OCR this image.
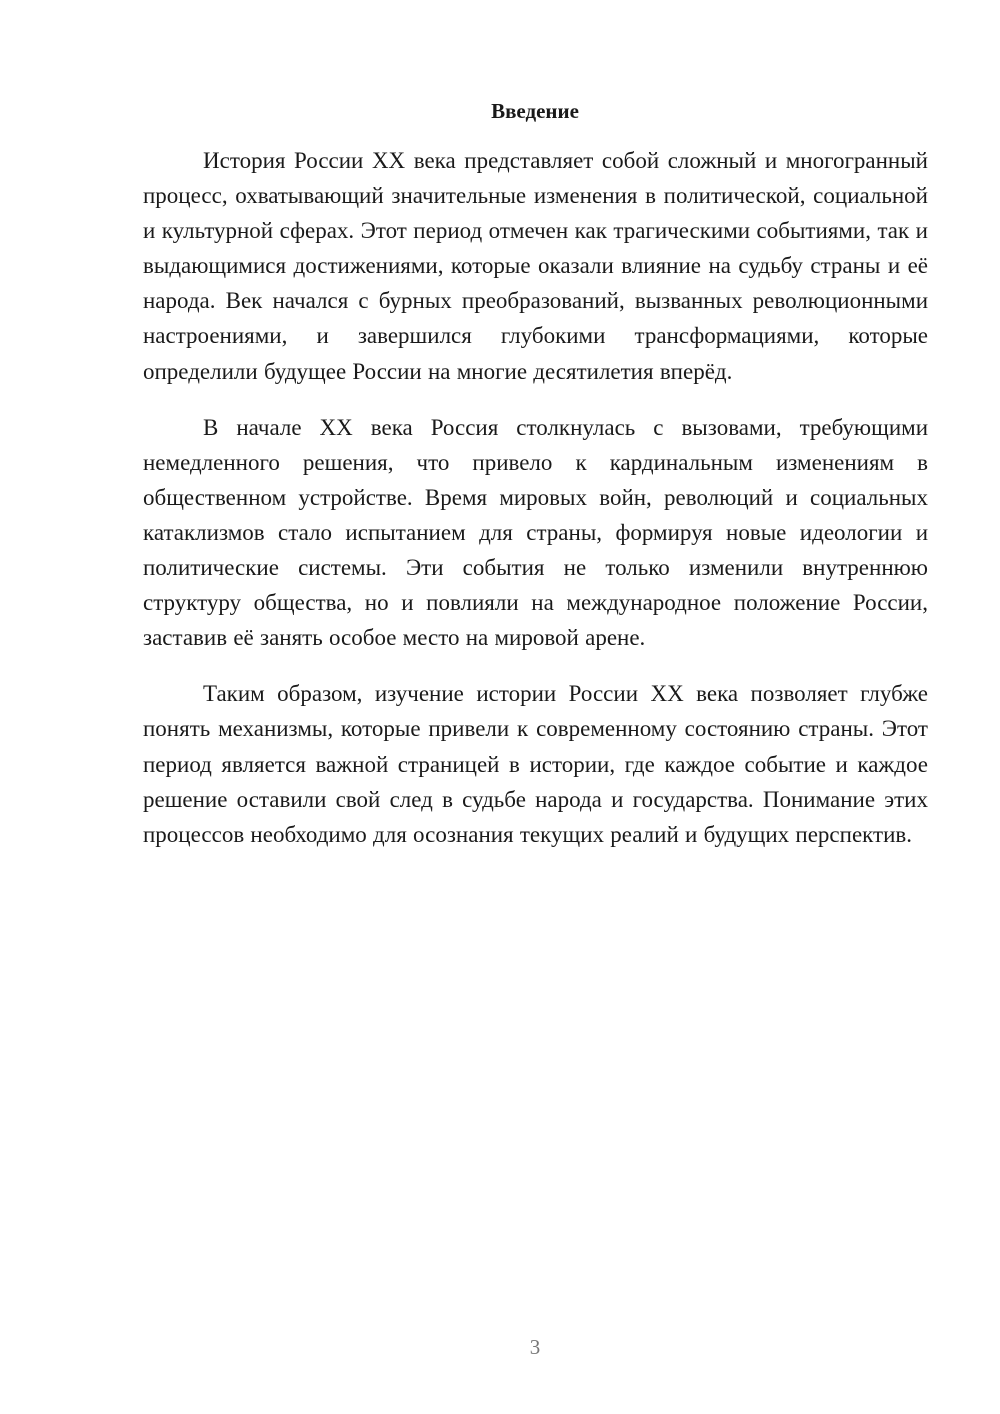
Введение

История России XX века представляет собой сложный и многогранный процесс, охватывающий значительные изменения в политической, социальной и культурной сферах. Этот период отмечен как трагическими событиями, так и выдающимися достижениями, которые оказали влияние на судьбу страны и её народа. Век начался с бурных преобразований, вызванных революционными настроениями, и завершился глубокими трансформациями, которые определили будущее России на многие десятилетия вперёд.

В начале XX века Россия столкнулась с вызовами, требующими немедленного решения, что привело к кардинальным изменениям в общественном устройстве. Время мировых войн, революций и социальных катаклизмов стало испытанием для страны, формируя новые идеологии и политические системы. Эти события не только изменили внутреннюю структуру общества, но и повлияли на международное положение России, заставив её занять особое место на мировой арене.

Таким образом, изучение истории России XX века позволяет глубже понять механизмы, которые привели к современному состоянию страны. Этот период является важной страницей в истории, где каждое событие и каждое решение оставили свой след в судьбе народа и государства. Понимание этих процессов необходимо для осознания текущих реалий и будущих перспектив.

3
